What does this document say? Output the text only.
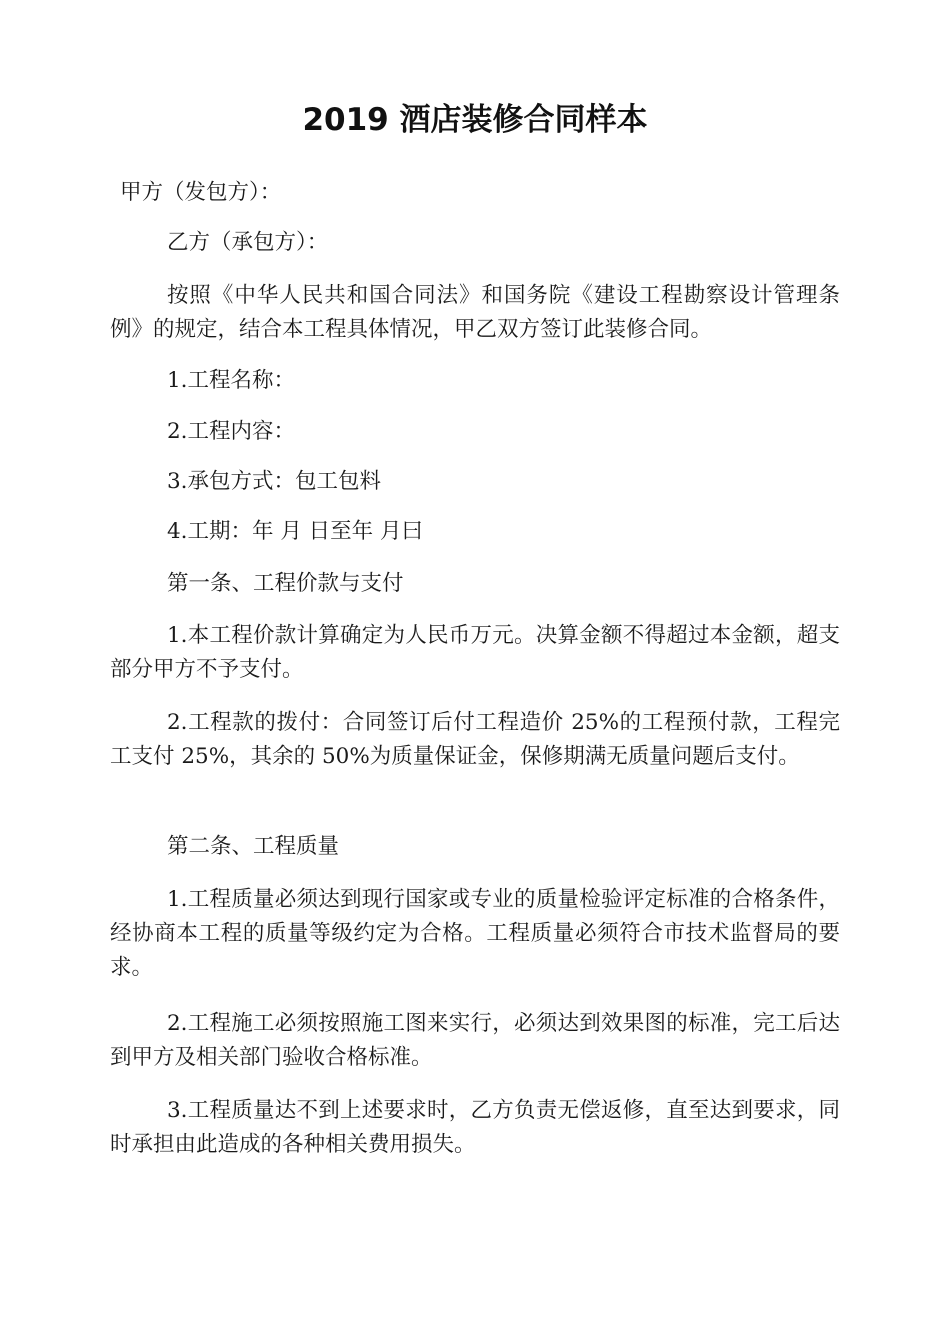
2019 酒店装修合同样本

甲方（发包方）：

乙方（承包方）：

按照《中华人民共和国合同法》和国务院《建设工程勘察设计管理条例》的规定，结合本工程具体情况，甲乙双方签订此装修合同。

1.工程名称：

2.工程内容：

3.承包方式：包工包料

4.工期：年 月 日至年 月曰

第一条、工程价款与支付

1.本工程价款计算确定为人民币万元。决算金额不得超过本金额，超支部分甲方不予支付。

2.工程款的拨付：合同签订后付工程造价 25%的工程预付款，工程完工支付 25%，其余的 50%为质量保证金，保修期满无质量问题后支付。

第二条、工程质量

1.工程质量必须达到现行国家或专业的质量检验评定标准的合格条件，经协商本工程的质量等级约定为合格。工程质量必须符合市技术监督局的要求。

2.工程施工必须按照施工图来实行，必须达到效果图的标准，完工后达到甲方及相关部门验收合格标准。

3.工程质量达不到上述要求时，乙方负责无偿返修，直至达到要求，同时承担由此造成的各种相关费用损失。
